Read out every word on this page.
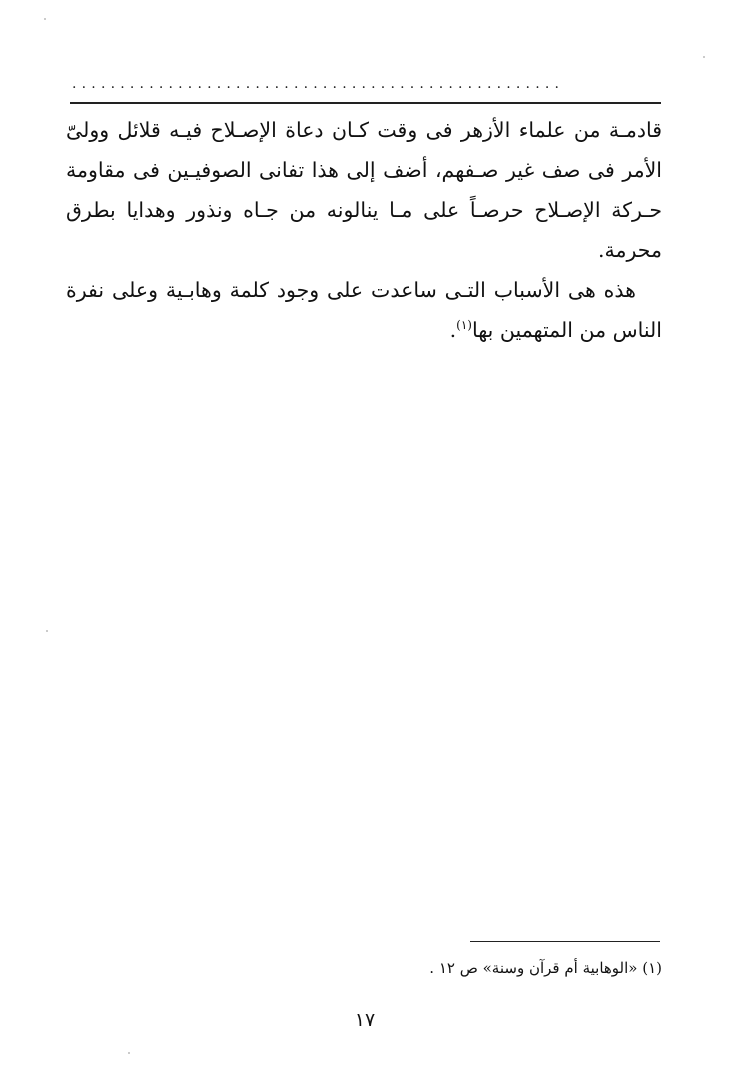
...................................................

قادمـة من علماء الأزهر فى وقت كـان دعاة الإصـلاح فيـه قلائل وولىّ الأمر فى صف غير صـفهم، أضف إلى هذا تفانى الصوفيـين فى مقاومة حـركة الإصـلاح حرصـاً على مـا ينالونه من جـاه ونذور وهدايا بطرق محرمة.

هذه هى الأسباب التـى ساعدت على وجود كلمة وهابـية وعلى نفرة الناس من المتهمين بها$^{(١)}$.

(١) «الوهابية أم قرآن وسنة» ص ١٢ .
١٧
